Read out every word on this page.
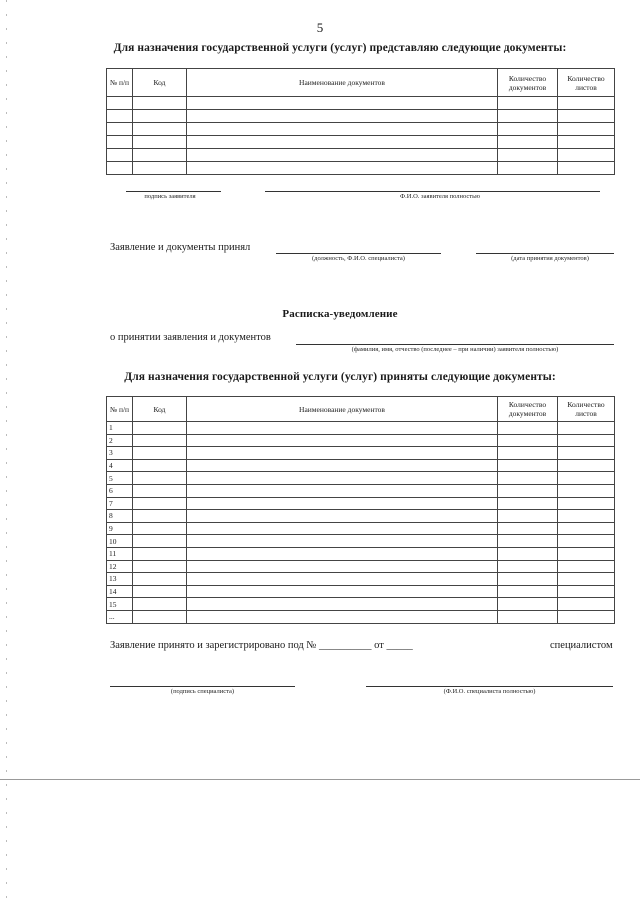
5
Для назначения государственной услуги (услуг) представляю следующие документы:
№ п/п	Код	Наименование документов	Количество документов	Количество листов

подпись заявителя	Ф.И.О. заявителя полностью
Заявление и документы принял
(должность, Ф.И.О. специалиста)	(дата принятия документов)
Расписка-уведомление
о принятии заявления и документов
(фамилия, имя, отчество (последнее – при наличии) заявителя полностью)
Для назначения государственной услуги (услуг) приняты следующие документы:
№ п/п	Код	Наименование документов	Количество документов	Количество листов
1				
2				
3				
4				
5				
6				
7				
8				
9				
10				
11				
12				
13				
14				
15				
...				
Заявление принято и зарегистрировано под № __________ от _____	специалистом
(подпись специалиста)	(Ф.И.О. специалиста полностью)
